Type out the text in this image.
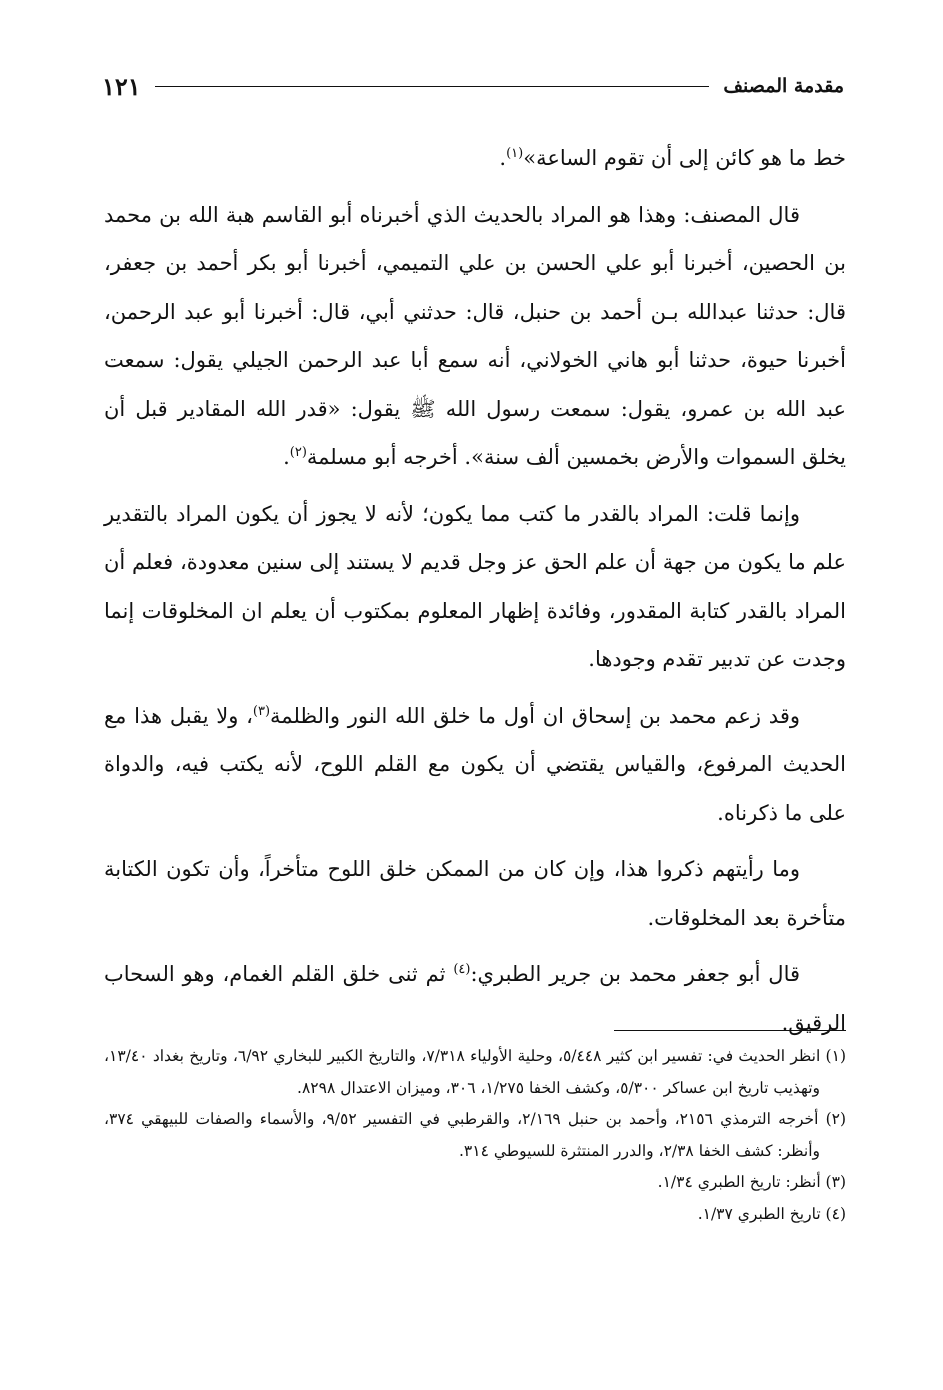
مقدمة المصنف
١٢١

خط ما هو كائن إلى أن تقوم الساعة»$^{(١)}$.

قال المصنف: وهذا هو المراد بالحديث الذي أخبرناه أبو القاسم هبة الله بن محمد بن الحصين، أخبرنا أبو علي الحسن بن علي التميمي، أخبرنا أبو بكر أحمد بن جعفر، قال: حدثنا عبدالله بـن أحمد بن حنبل، قال: حدثني أبي، قال: أخبرنا أبو عبد الرحمن، أخبرنا حيوة، حدثنا أبو هاني الخولاني، أنه سمع أبا عبد الرحمن الجيلي يقول: سمعت عبد الله بن عمرو، يقول: سمعت رسول الله ﷺ يقول: «قدر الله المقادير قبل أن يخلق السموات والأرض بخمسين ألف سنة». أخرجه أبو مسلمة$^{(٢)}$.

وإنما قلت: المراد بالقدر ما كتب مما يكون؛ لأنه لا يجوز أن يكون المراد بالتقدير علم ما يكون من جهة أن علم الحق عز وجل قديم لا يستند إلى سنين معدودة، فعلم أن المراد بالقدر كتابة المقدور، وفائدة إظهار المعلوم بمكتوب أن يعلم ان المخلوقات إنما وجدت عن تدبير تقدم وجودها.

وقد زعم محمد بن إسحاق ان أول ما خلق الله النور والظلمة$^{(٣)}$، ولا يقبل هذا مع الحديث المرفوع، والقياس يقتضي أن يكون مع القلم اللوح، لأنه يكتب فيه، والدواة على ما ذكرناه.

وما رأيتهم ذكروا هذا، وإن كان من الممكن خلق اللوح متأخراً، وأن تكون الكتابة متأخرة بعد المخلوقات.

قال أبو جعفر محمد بن جرير الطبري:$^{(٤)}$ ثم ثنى خلق القلم الغمام، وهو السحاب الرقيق.

(١) انظر الحديث في: تفسير ابن كثير ٥/٤٤٨، وحلية الأولياء ٧/٣١٨، والتاريخ الكبير للبخاري ٦/٩٢، وتاريخ بغداد ١٣/٤٠، وتهذيب تاريخ ابن عساكر ٥/٣٠٠، وكشف الخفا ١/٢٧٥، ٣٠٦، وميزان الاعتدال ٨٢٩٨.

(٢) أخرجه الترمذي ٢١٥٦، وأحمد بن حنبل ٢/١٦٩، والقرطبي في التفسير ٩/٥٢، والأسماء والصفات للبيهقي ٣٧٤، وأنظر: كشف الخفا ٢/٣٨، والدرر المنتثرة للسيوطي ٣١٤.

(٣) أنظر: تاريخ الطبري ١/٣٤.

(٤) تاريخ الطبري ١/٣٧.
